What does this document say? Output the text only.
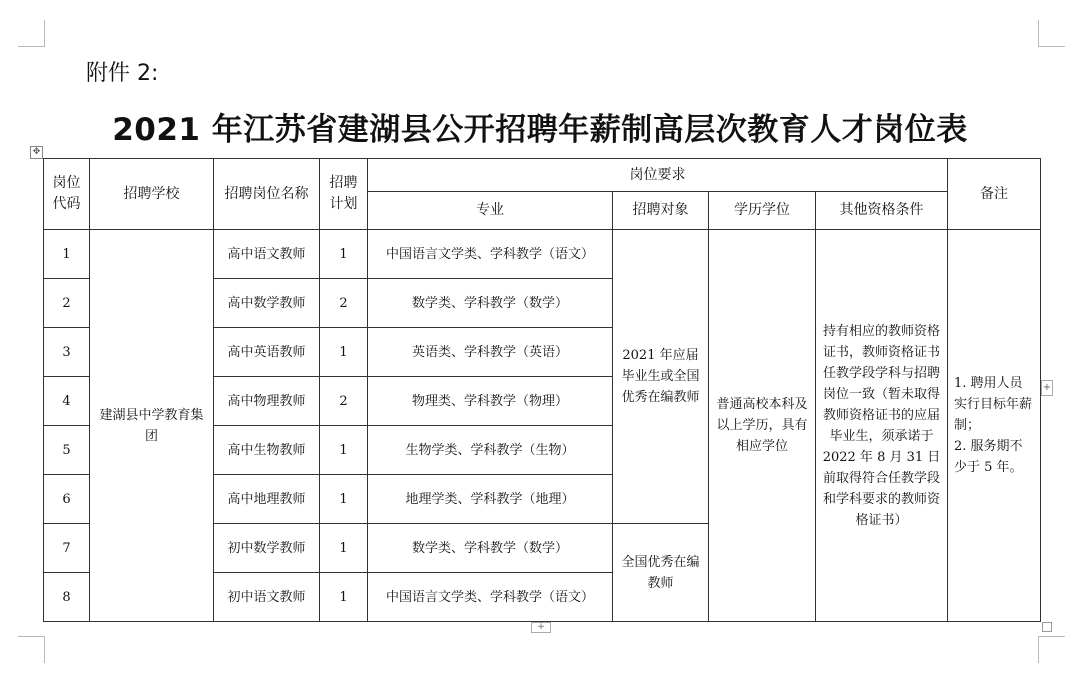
附件 2:
2021 年江苏省建湖县公开招聘年薪制高层次教育人才岗位表
✥
+
+
岗位代码	招聘学校	招聘岗位名称	招聘计划	岗位要求				备注
				专业	招聘对象	学历学位	其他资格条件	
1	建湖县中学教育集团	高中语文教师	1	中国语言文学类、学科教学（语文）	2021 年应届毕业生或全国优秀在编教师	普通高校本科及以上学历，具有相应学位	持有相应的教师资格证书，教师资格证书任教学段学科与招聘岗位一致（暂未取得教师资格证书的应届毕业生，须承诺于 2022 年 8 月 31 日前取得符合任教学段和学科要求的教师资格证书）	1. 聘用人员实行目标年薪制；
2. 服务期不少于 5 年。
2		高中数学教师	2	数学类、学科教学（数学）				
3		高中英语教师	1	英语类、学科教学（英语）				
4		高中物理教师	2	物理类、学科教学（物理）				
5		高中生物教师	1	生物学类、学科教学（生物）				
6		高中地理教师	1	地理学类、学科教学（地理）				
7		初中数学教师	1	数学类、学科教学（数学）	全国优秀在编教师			
8		初中语文教师	1	中国语言文学类、学科教学（语文）				
